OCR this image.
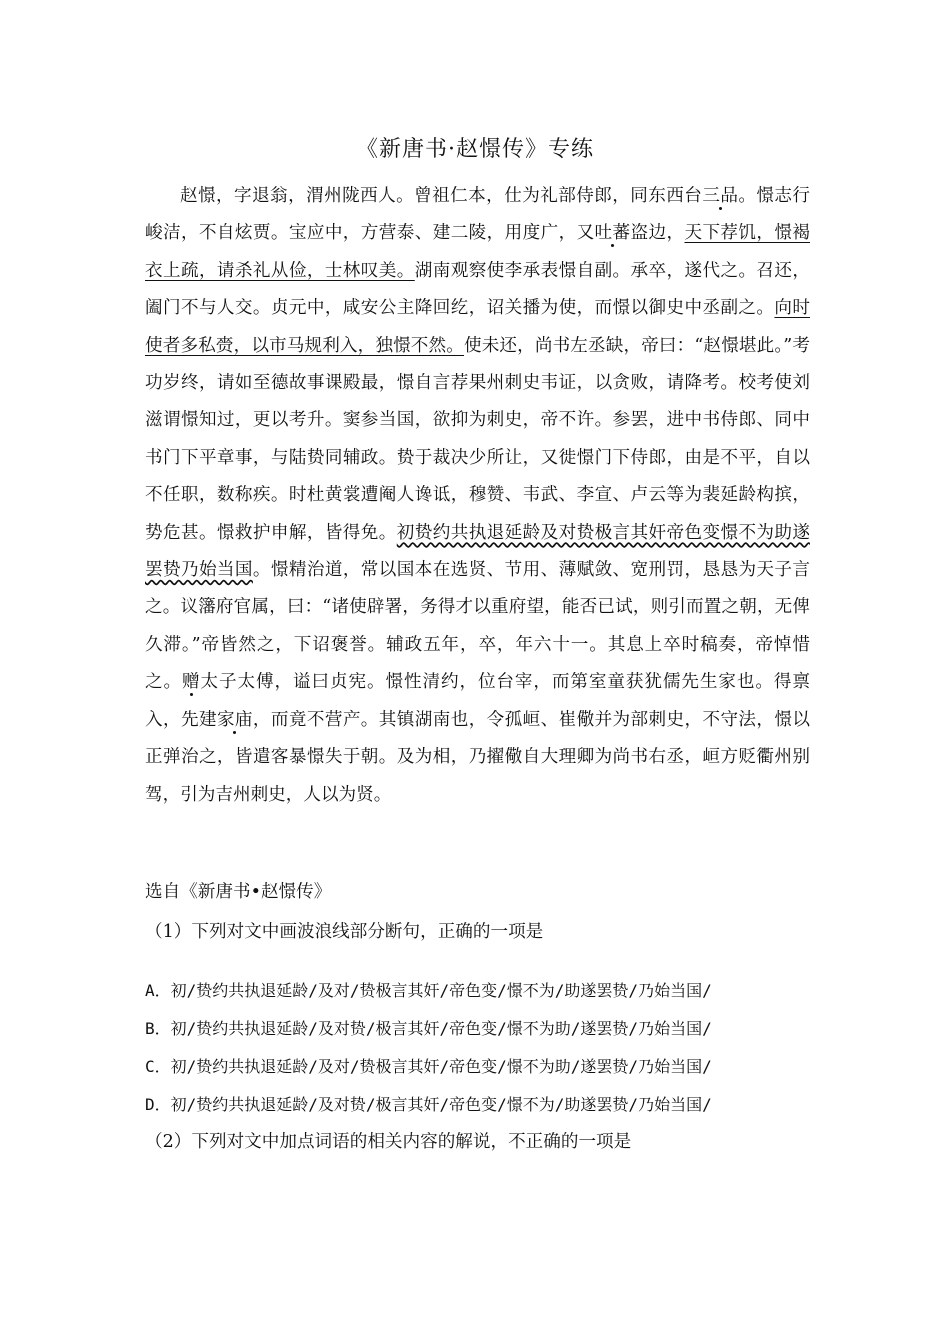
《新唐书·赵憬传》专练
赵憬，字退翁，渭州陇西人。曾祖仁本，仕为礼部侍郎，同东西台三品。憬志行峻洁，不自炫贾。宝应中，方营泰、建二陵，用度广，又吐蕃盗边，天下荐饥，憬褐衣上疏，请杀礼从俭，士林叹美。湖南观察使李承表憬自副。承卒，遂代之。召还，阖门不与人交。贞元中，咸安公主降回纥，诏关播为使，而憬以御史中丞副之。向时使者多私赍，以市马规利入，独憬不然。使未还，尚书左丞缺，帝曰：“赵憬堪此。”考功岁终，请如至德故事课殿最，憬自言荐果州刺史韦证，以贪败，请降考。校考使刘滋谓憬知过，更以考升。窦参当国，欲抑为刺史，帝不许。参罢，进中书侍郎、同中书门下平章事，与陆贽同辅政。贽于裁决少所让，又徙憬门下侍郎，由是不平，自以不任职，数称疾。时杜黄裳遭阉人谗诋，穆赞、韦武、李宣、卢云等为裴延龄构摈，势危甚。憬救护申解，皆得免。初贽约共执退延龄及对贽极言其奸帝色变憬不为助遂罢贽乃始当国。憬精治道，常以国本在选贤、节用、薄赋敛、宽刑罚，恳恳为天子言之。议籓府官属，曰：“诸使辟署，务得才以重府望，能否已试，则引而置之朝，无俾久滞。”帝皆然之，下诏褒誉。辅政五年，卒，年六十一。其息上卒时稿奏，帝悼惜之。赠太子太傅，谥曰贞宪。憬性清约，位台宰，而第室童获犹儒先生家也。得禀入，先建家庙，而竟不营产。其镇湖南也，令孤峘、崔儆并为部刺史，不守法，憬以正弹治之，皆遣客暴憬失于朝。及为相，乃擢儆自大理卿为尚书右丞，峘方贬衢州别驾，引为吉州刺史，人以为贤。
选自《新唐书•赵憬传》
（1）下列对文中画波浪线部分断句，正确的一项是
A．初/贽约共执退延龄/及对/贽极言其奸/帝色变/憬不为/助遂罢贽/乃始当国/
B．初/贽约共执退延龄/及对贽/极言其奸/帝色变/憬不为助/遂罢贽/乃始当国/
C．初/贽约共执退延龄/及对/贽极言其奸/帝色变/憬不为助/遂罢贽/乃始当国/
D．初/贽约共执退延龄/及对贽/极言其奸/帝色变/憬不为/助遂罢贽/乃始当国/
（2）下列对文中加点词语的相关内容的解说，不正确的一项是
